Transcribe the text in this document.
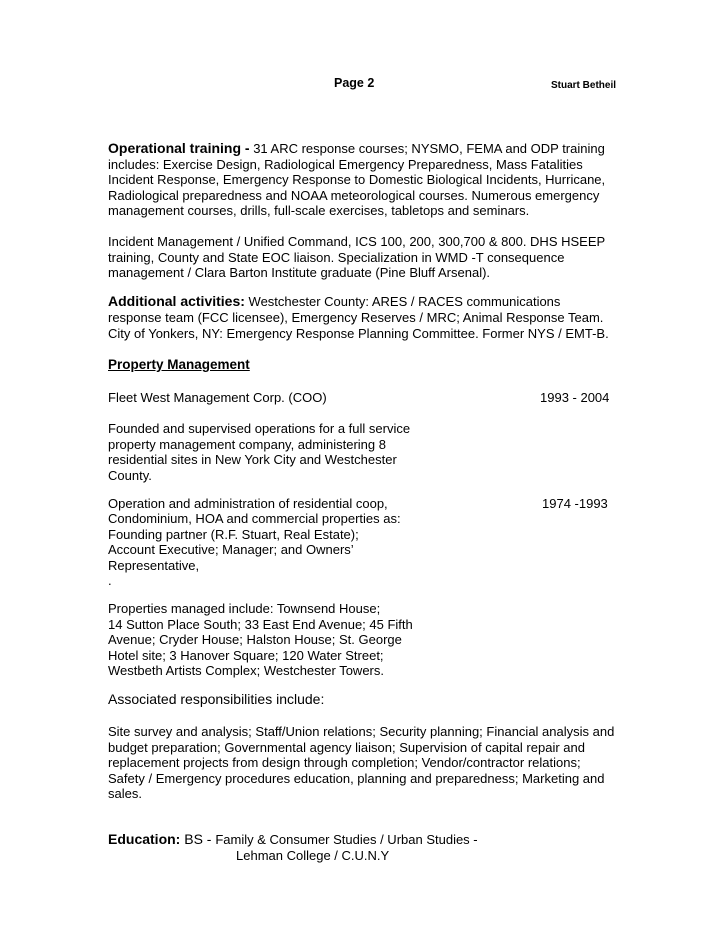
Page 2	Stuart Betheil
Operational training - 31 ARC response courses; NYSMO, FEMA and ODP training
includes: Exercise Design, Radiological Emergency Preparedness, Mass Fatalities
Incident Response, Emergency Response to Domestic Biological Incidents, Hurricane,
Radiological preparedness and NOAA meteorological courses. Numerous emergency
management courses, drills, full-scale exercises, tabletops and seminars.
Incident Management / Unified Command, ICS 100, 200, 300,700 & 800. DHS HSEEP
training, County and State EOC liaison. Specialization in WMD -T consequence
management / Clara Barton Institute graduate (Pine Bluff Arsenal).
Additional activities: Westchester County: ARES / RACES communications
response team (FCC licensee), Emergency Reserves / MRC; Animal Response Team.
City of Yonkers, NY: Emergency Response Planning Committee. Former NYS / EMT-B.
Property Management
Fleet West Management Corp. (COO)	1993 - 2004
Founded and supervised operations for a full service
property management company, administering 8
residential sites in New York City and Westchester
County.
Operation and administration of residential coop,	1974 -1993
Condominium, HOA and commercial properties as:
Founding partner (R.F. Stuart, Real Estate);
Account Executive; Manager; and Owners’
Representative,
.
Properties managed include: Townsend House;
14 Sutton Place South; 33 East End Avenue; 45 Fifth
Avenue; Cryder House; Halston House; St. George
Hotel site; 3 Hanover Square; 120 Water Street;
Westbeth Artists Complex; Westchester Towers.
Associated responsibilities include:
Site survey and analysis; Staff/Union relations; Security planning; Financial analysis and
budget preparation; Governmental agency liaison; Supervision of capital repair and
replacement projects from design through completion; Vendor/contractor relations;
Safety / Emergency procedures education, planning and preparedness; Marketing and
sales.
Education: BS - Family & Consumer Studies / Urban Studies -
Lehman College / C.U.N.Y
